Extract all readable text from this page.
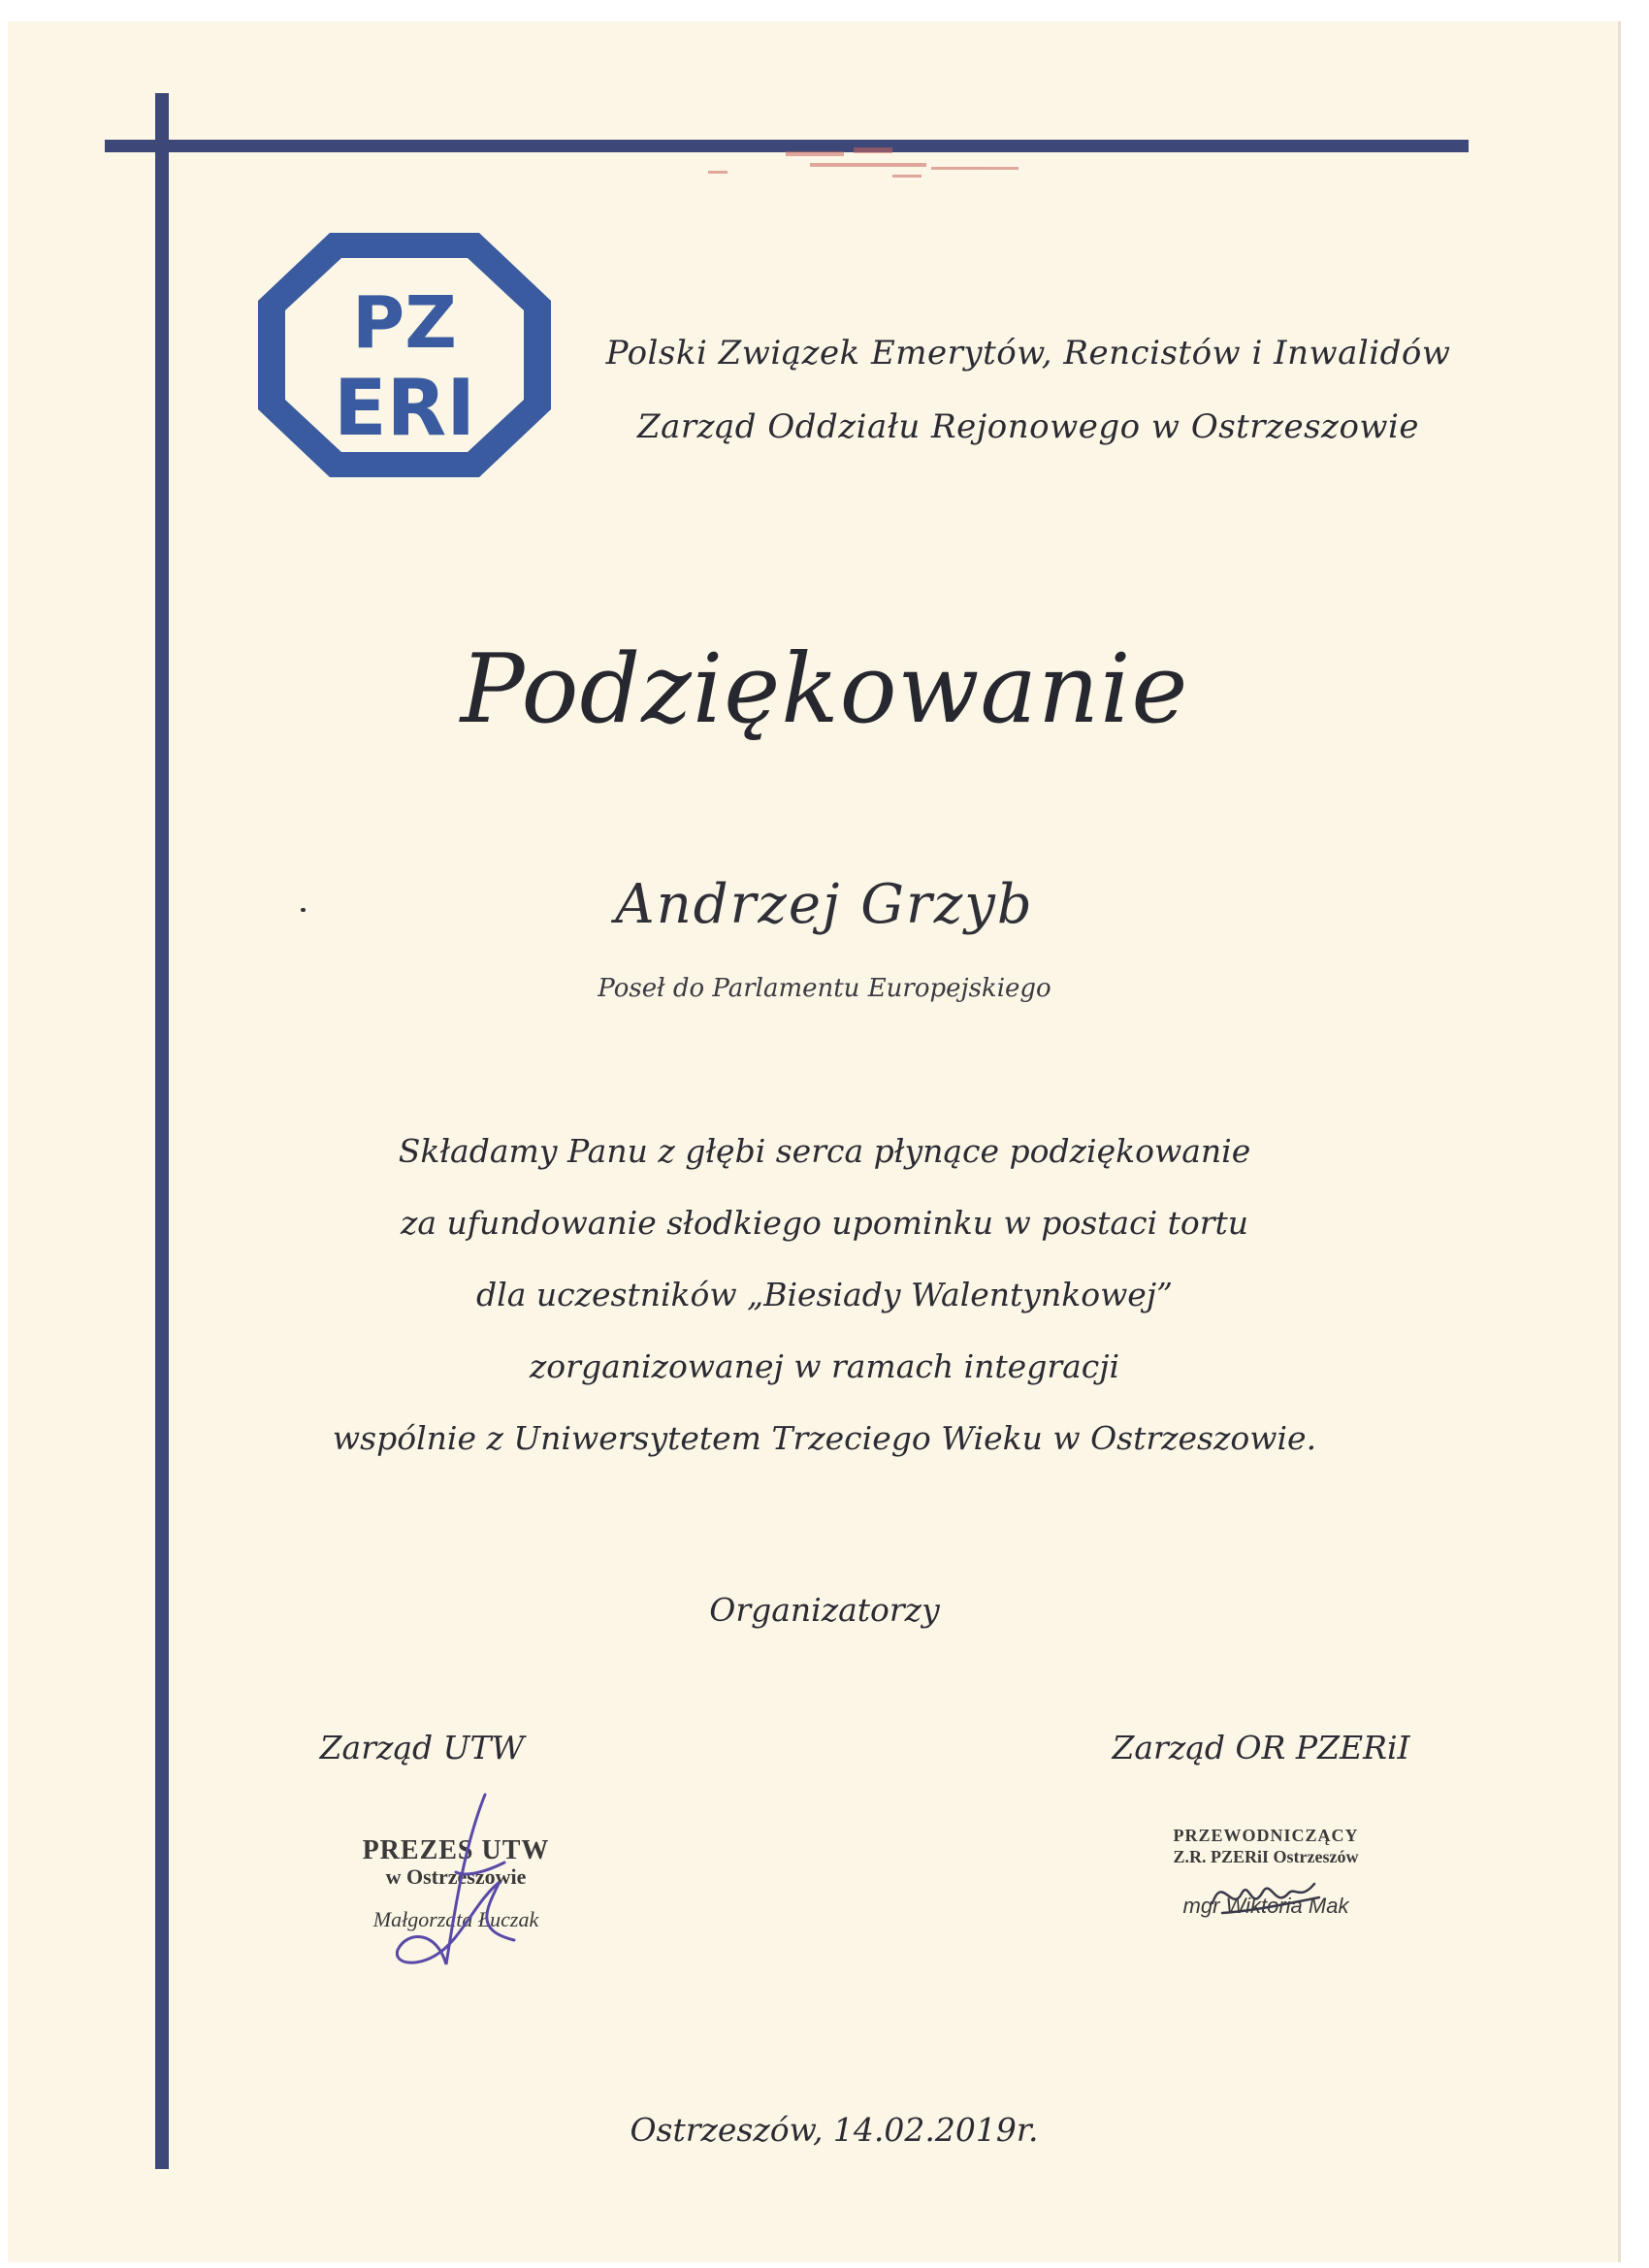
PZ
ERI
Polski Związek Emerytów, Rencistów i Inwalidów
Zarząd Oddziału Rejonowego w Ostrzeszowie
Podziękowanie
Andrzej Grzyb
Poseł do Parlamentu Europejskiego
Składamy Panu z głębi serca płynące podziękowanie
za ufundowanie słodkiego upominku w postaci tortu
dla uczestników „Biesiady Walentynkowej”
zorganizowanej w ramach integracji
wspólnie z Uniwersytetem Trzeciego Wieku w Ostrzeszowie.
Organizatorzy
Zarząd UTW	Zarząd OR PZERiI
PREZES UTW
w Ostrzeszowie
Małgorzata Łuczak
PRZEWODNICZĄCY
Z.R. PZERiI Ostrzeszów
mgr Wiktoria Mak
Ostrzeszów, 14.02.2019r.
